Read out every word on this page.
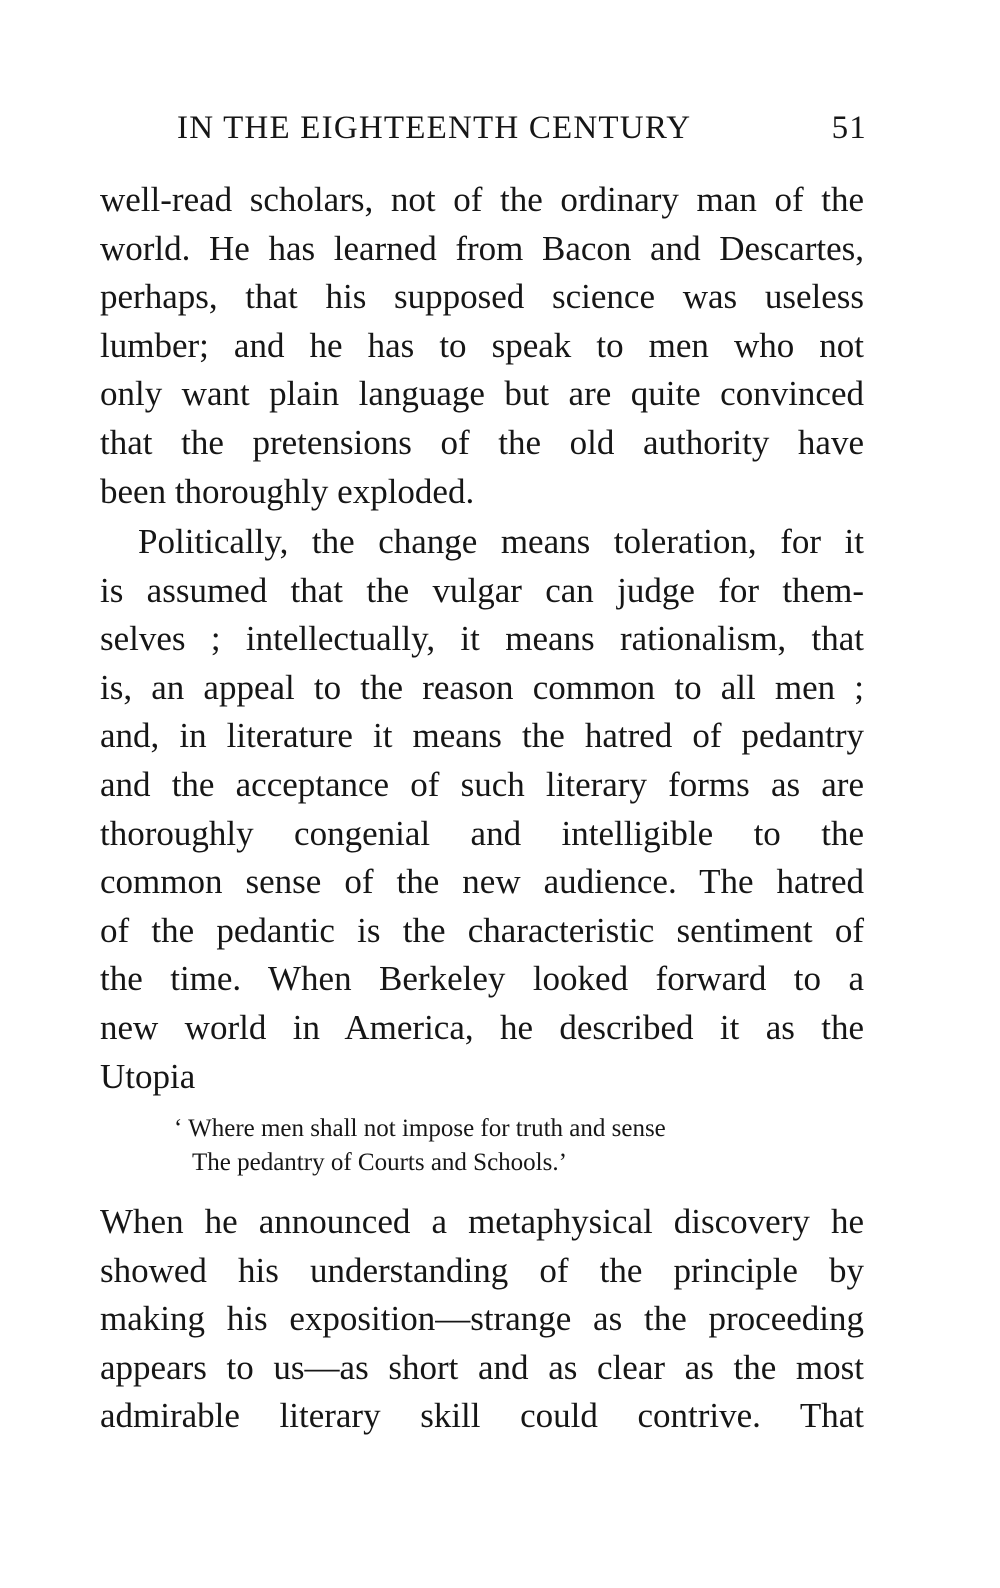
IN THE EIGHTEENTH CENTURY	51
well-read scholars, not of the ordinary man of the
world. He has learned from Bacon and Descartes,
perhaps, that his supposed science was useless
lumber; and he has to speak to men who not
only want plain language but are quite convinced
that the pretensions of the old authority have
been thoroughly exploded.
Politically, the change means toleration, for it
is assumed that the vulgar can judge for them-
selves ; intellectually, it means rationalism, that
is, an appeal to the reason common to all men ;
and, in literature it means the hatred of pedantry
and the acceptance of such literary forms as are
thoroughly congenial and intelligible to the
common sense of the new audience. The hatred
of the pedantic is the characteristic sentiment of
the time. When Berkeley looked forward to a
new world in America, he described it as the
Utopia
‘ Where men shall not impose for truth and sense
The pedantry of Courts and Schools.’
When he announced a metaphysical discovery he
showed his understanding of the principle by
making his exposition—strange as the proceeding
appears to us—as short and as clear as the most
admirable literary skill could contrive. That
